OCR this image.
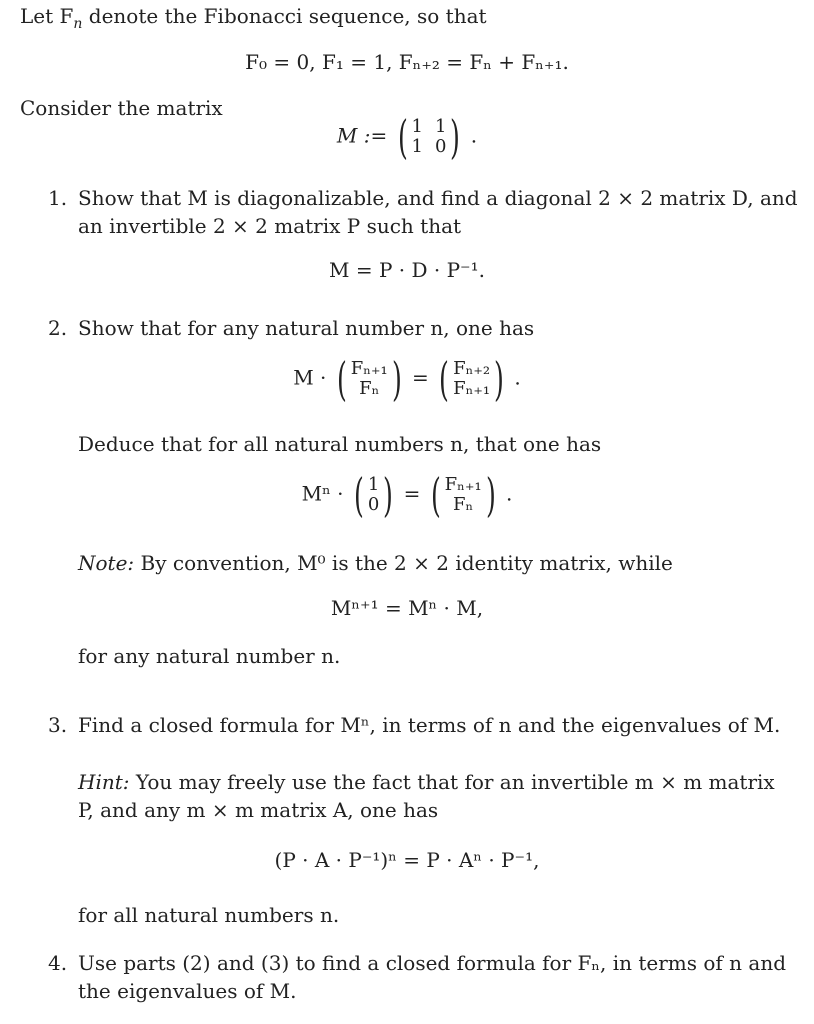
Let $F_n$ denote the Fibonacci sequence, so that
F₀ = 0, F₁ = 1, Fₙ₊₂ = Fₙ + Fₙ₊₁.
Consider the matrix
M := ( 1 1
1 0 ) .
1. Show that M is diagonalizable, and find a diagonal 2 × 2 matrix D, and
an invertible 2 × 2 matrix P such that
M = P · D · P⁻¹.
2. Show that for any natural number n, one has
M · ( Fₙ₊₁
Fₙ ) = ( Fₙ₊₂
Fₙ₊₁ ) .
Deduce that for all natural numbers n, that one has
Mⁿ · ( 1
0 ) = ( Fₙ₊₁
Fₙ ) .
Note: By convention, M⁰ is the 2 × 2 identity matrix, while
Mⁿ⁺¹ = Mⁿ · M,
for any natural number n.
3. Find a closed formula for Mⁿ, in terms of n and the eigenvalues of M.
Hint: You may freely use the fact that for an invertible m × m matrix
P, and any m × m matrix A, one has
(P · A · P⁻¹)ⁿ = P · Aⁿ · P⁻¹,
for all natural numbers n.
4. Use parts (2) and (3) to find a closed formula for Fₙ, in terms of n and
the eigenvalues of M.
